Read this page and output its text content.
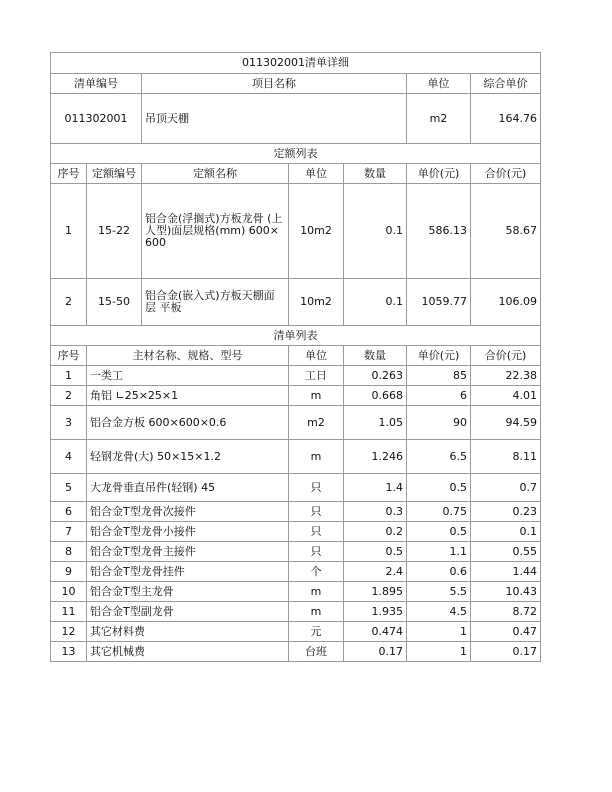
011302001清单详细						
清单编号		项目名称			单位	综合单价
011302001		吊顶天棚			m2	164.76
定额列表						
序号	定额编号	定额名称	单位	数量	单价(元)	合价(元)
1	15-22	铝合金(浮搁式)方板龙骨 (上人型)面层规格(mm) 600×600	10m2	0.1	586.13	58.67
2	15-50	铝合金(嵌入式)方板天棚面层 平板	10m2	0.1	1059.77	106.09
清单列表						
序号	主材名称、规格、型号		单位	数量	单价(元)	合价(元)
1	一类工		工日	0.263	85	22.38
2	角铝 ∟25×25×1		m	0.668	6	4.01
3	铝合金方板 600×600×0.6		m2	1.05	90	94.59
4	轻钢龙骨(大) 50×15×1.2		m	1.246	6.5	8.11
5	大龙骨垂直吊件(轻钢) 45		只	1.4	0.5	0.7
6	铝合金T型龙骨次接件		只	0.3	0.75	0.23
7	铝合金T型龙骨小接件		只	0.2	0.5	0.1
8	铝合金T型龙骨主接件		只	0.5	1.1	0.55
9	铝合金T型龙骨挂件		个	2.4	0.6	1.44
10	铝合金T型主龙骨		m	1.895	5.5	10.43
11	铝合金T型副龙骨		m	1.935	4.5	8.72
12	其它材料费		元	0.474	1	0.47
13	其它机械费		台班	0.17	1	0.17
